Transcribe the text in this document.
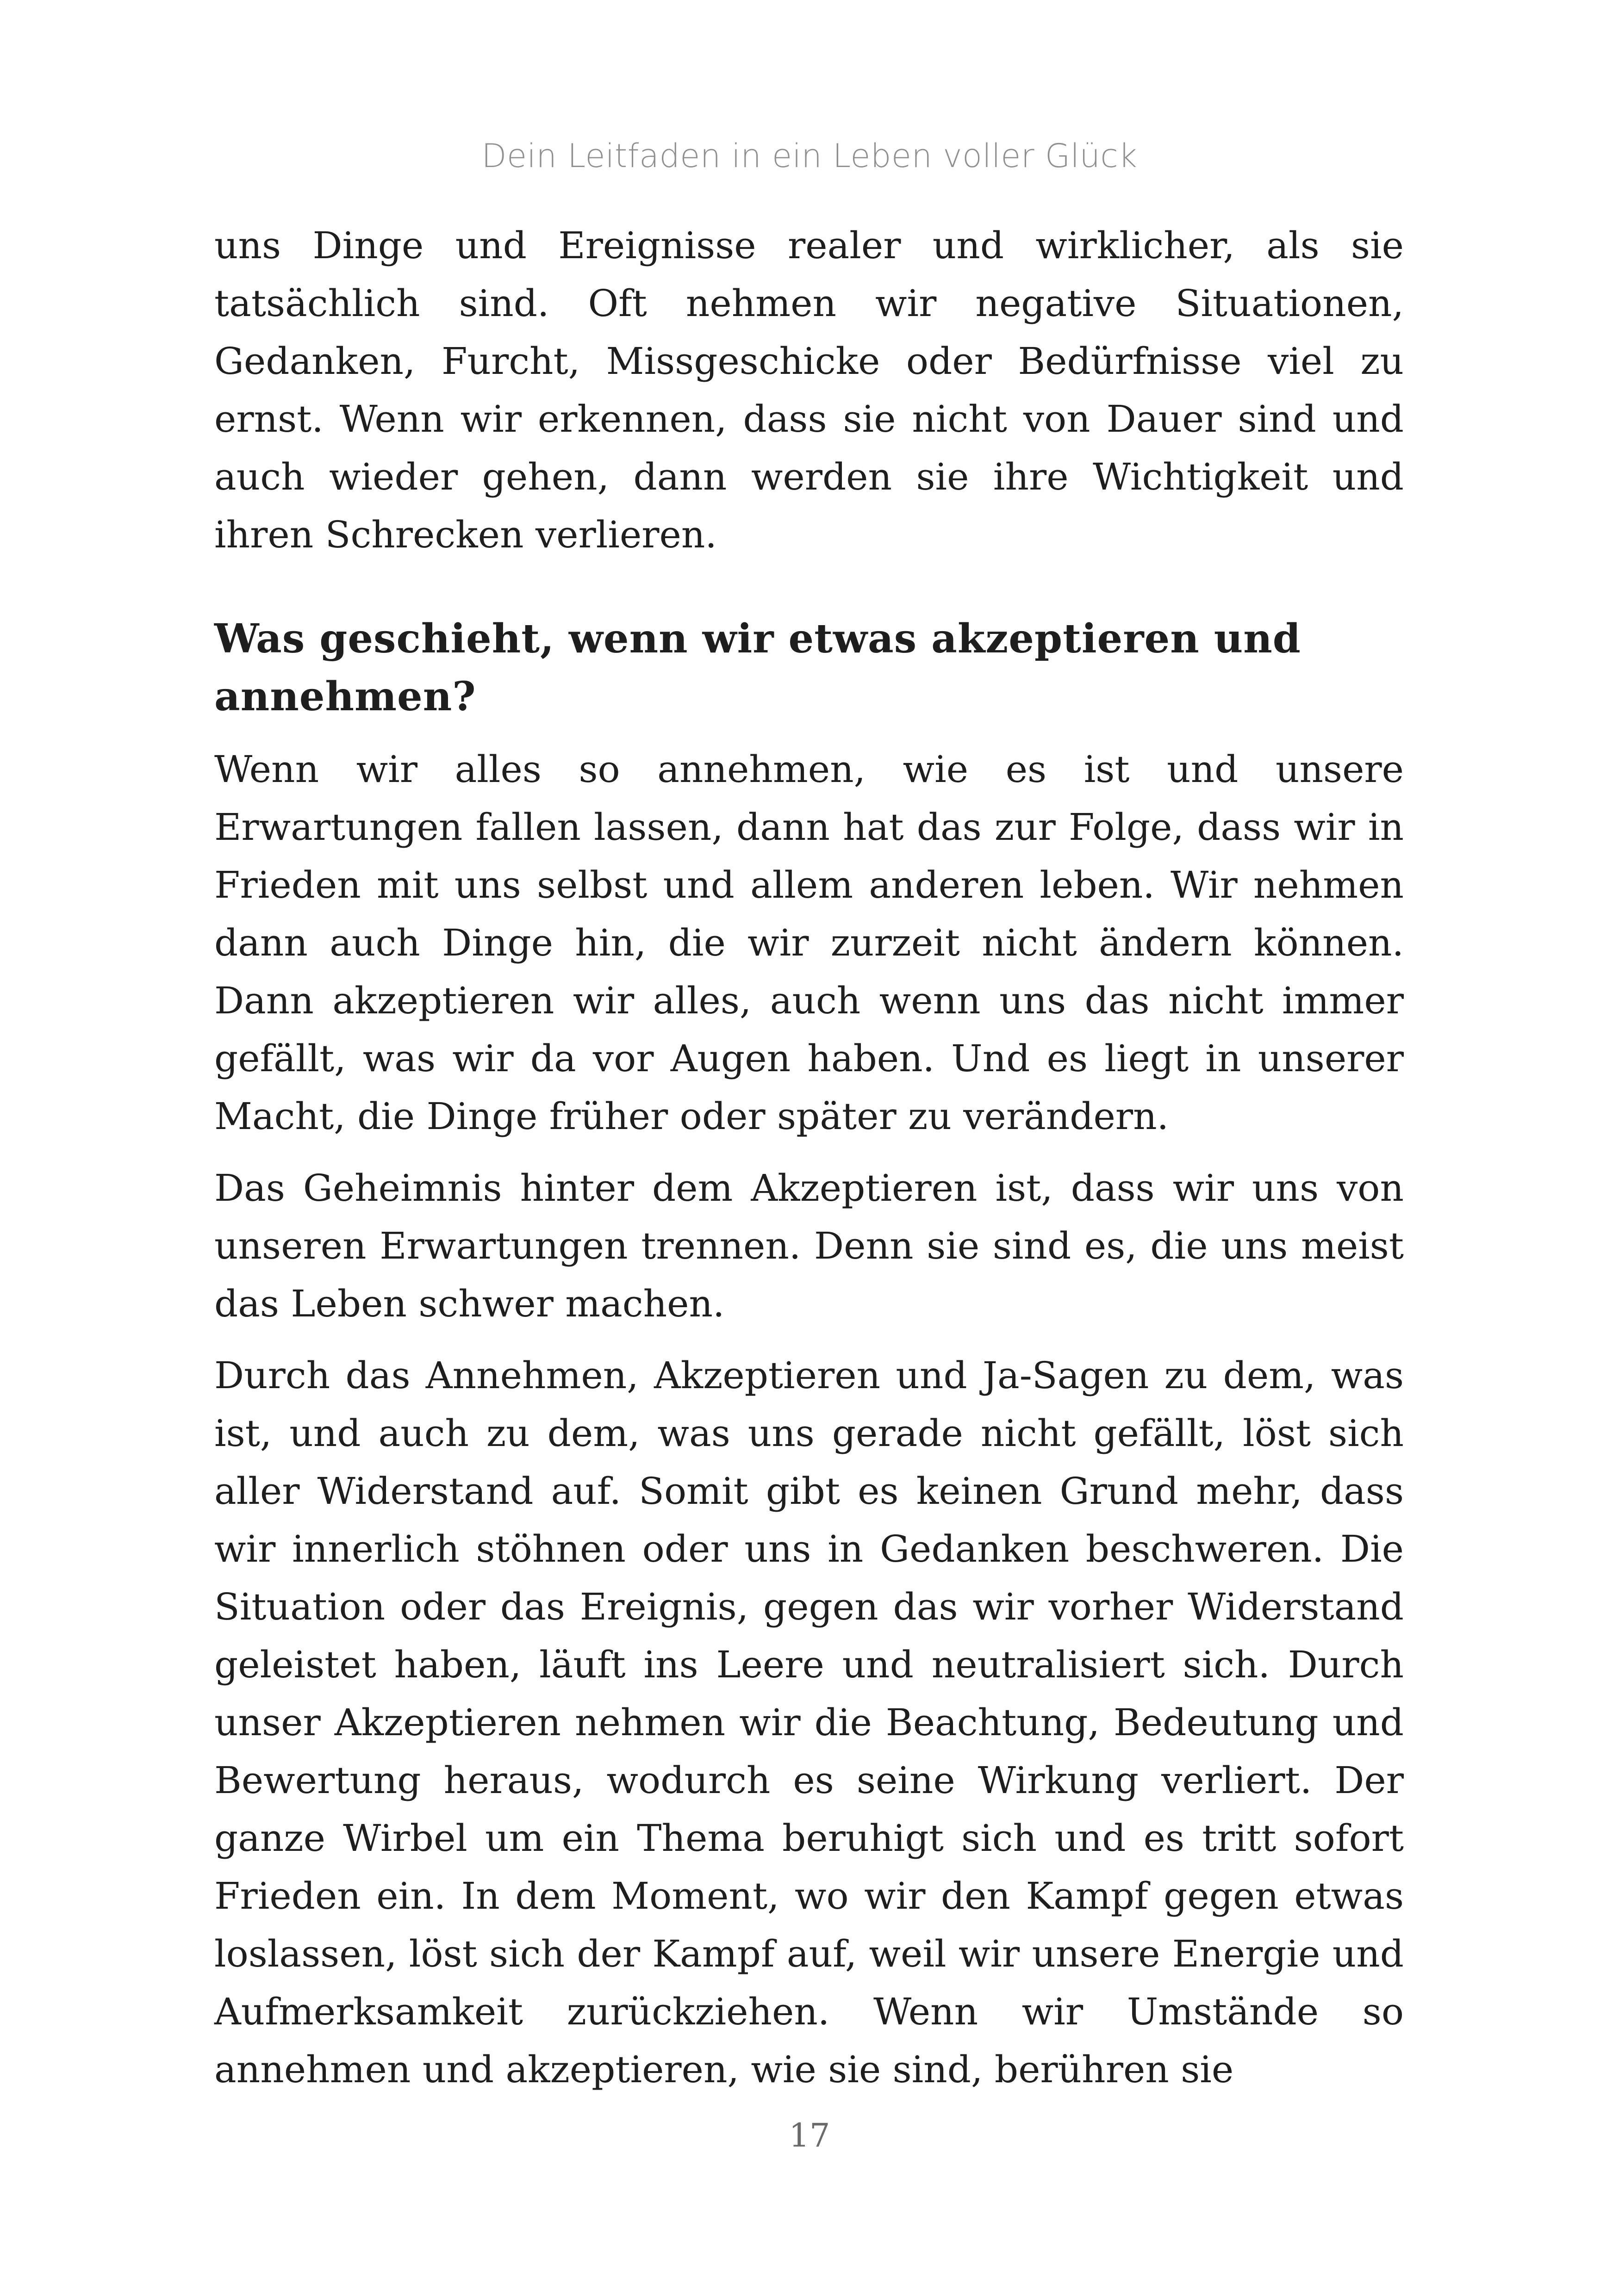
Dein Leitfaden in ein Leben voller Glück

uns Dinge und Ereignisse realer und wirklicher, als sie tatsächlich sind. Oft nehmen wir negative Situationen, Gedanken, Furcht, Missgeschicke oder Bedürfnisse viel zu ernst. Wenn wir erkennen, dass sie nicht von Dauer sind und auch wieder gehen, dann werden sie ihre Wichtigkeit und ihren Schrecken verlieren.

Was geschieht, wenn wir etwas akzeptieren und annehmen?

Wenn wir alles so annehmen, wie es ist und unsere Erwartungen fallen lassen, dann hat das zur Folge, dass wir in Frieden mit uns selbst und allem anderen leben. Wir nehmen dann auch Dinge hin, die wir zurzeit nicht ändern können. Dann akzeptieren wir alles, auch wenn uns das nicht immer gefällt, was wir da vor Augen haben. Und es liegt in unserer Macht, die Dinge früher oder später zu verändern.

Das Geheimnis hinter dem Akzeptieren ist, dass wir uns von unseren Erwartungen trennen. Denn sie sind es, die uns meist das Leben schwer machen.

Durch das Annehmen, Akzeptieren und Ja-Sagen zu dem, was ist, und auch zu dem, was uns gerade nicht gefällt, löst sich aller Widerstand auf. Somit gibt es keinen Grund mehr, dass wir innerlich stöhnen oder uns in Gedanken beschweren. Die Situation oder das Ereignis, gegen das wir vorher Widerstand geleistet haben, läuft ins Leere und neutralisiert sich. Durch unser Akzeptieren nehmen wir die Beachtung, Bedeutung und Bewertung heraus, wodurch es seine Wirkung verliert. Der ganze Wirbel um ein Thema beruhigt sich und es tritt sofort Frieden ein. In dem Moment, wo wir den Kampf gegen etwas loslassen, löst sich der Kampf auf, weil wir unsere Energie und Aufmerksamkeit zurückziehen. Wenn wir Umstände so annehmen und akzeptieren, wie sie sind, berühren sie

17
